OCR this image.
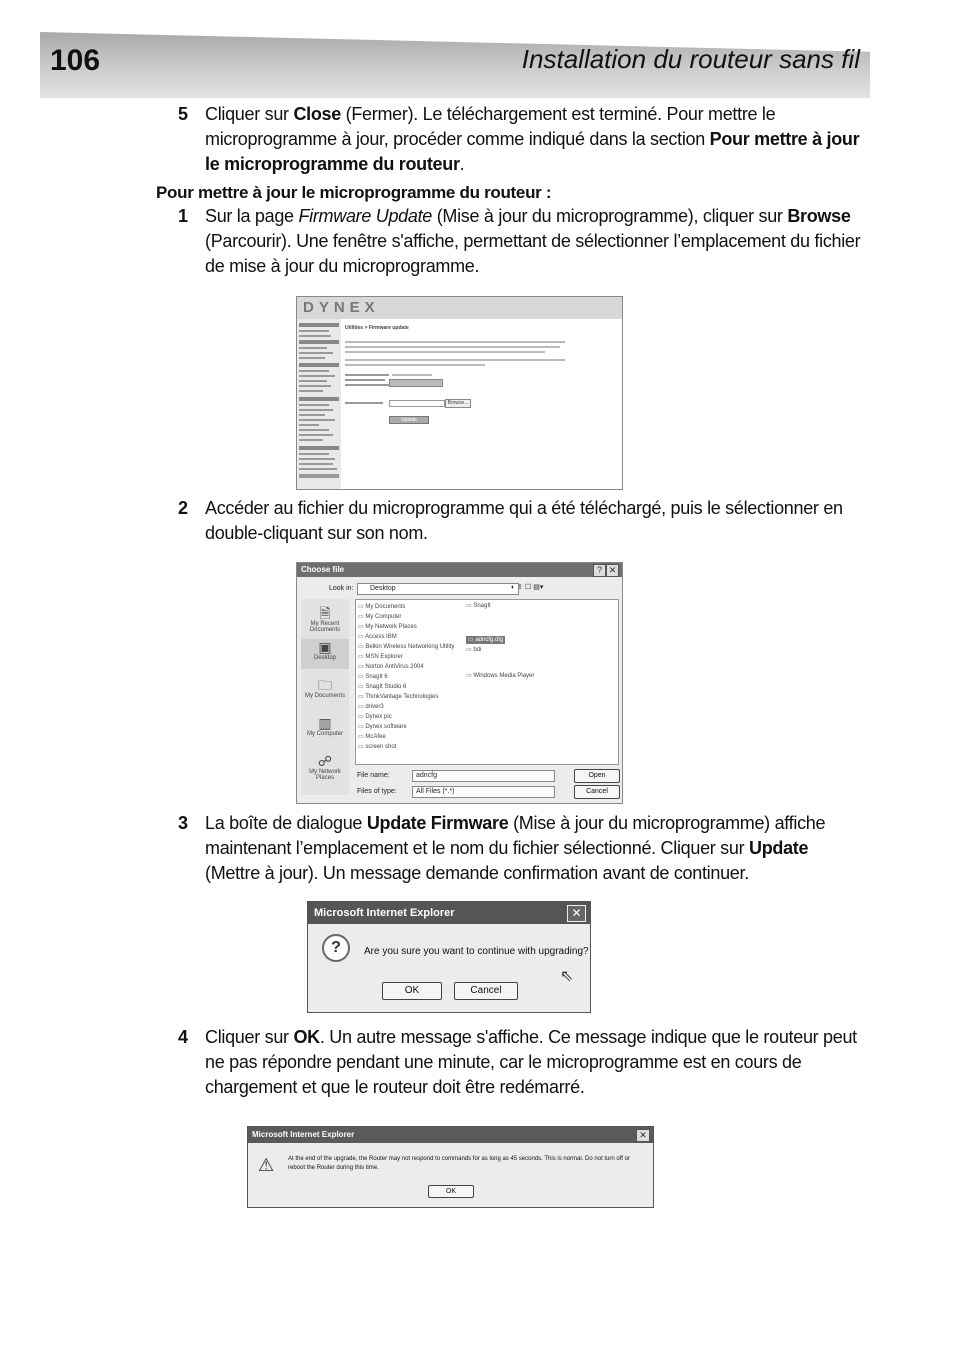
106	Installation du routeur sans fil
5 Cliquer sur Close (Fermer). Le téléchargement est terminé. Pour mettre le microprogramme à jour, procéder comme indiqué dans la section Pour mettre à jour le microprogramme du routeur.
Pour mettre à jour le microprogramme du routeur :
1 Sur la page Firmware Update (Mise à jour du microprogramme), cliquer sur Browse (Parcourir). Une fenêtre s'affiche, permettant de sélectionner l’emplacement du fichier de mise à jour du microprogramme.
2 Accéder au fichier du microprogramme qui a été téléchargé, puis le sélectionner en double-cliquant sur son nom.
3 La boîte de dialogue Update Firmware (Mise à jour du microprogramme) affiche maintenant l’emplacement et le nom du fichier sélectionné. Cliquer sur Update (Mettre à jour). Un message demande confirmation avant de continuer.
4 Cliquer sur OK. Un autre message s'affiche. Ce message indique que le routeur peut ne pas répondre pendant une minute, car le microprogramme est en cours de chargement et que le routeur doit être redémarré.
DYNEX
Utilities > Firmware update
Browse...
Update
Choose file	? ✕
Look in:	Desktop	◐ ⇧ ☐ ▤▾
🗎
My Recent Documents
▣
Desktop
🗀
My Documents
▥
My Computer
☍
My Network Places
▭ My Documents
▭ My Computer
▭ My Network Places
▭ Access IBM
▭ Belkin Wireless Networking Utility
▭ MSN Explorer
▭ Norton AntiVirus 2004
▭ SnagIt 6
▭ SnagIt Studio 6
▭ ThinkVantage Technologies
▭ driver3
▭ Dynex pic
▭ Dynex software
▭ McAfee
▭ screen shot
▭ SnagIt

▭ adncfg.dlg

▭ bdi

▭ Windows Media Player

File name:	adncfg
Files of type:	All Files (*.*)
Open
Cancel
Microsoft Internet Explorer	✕
?	Are you sure you want to continue with upgrading?
OK	Cancel
⇖
Microsoft Internet Explorer	✕
⚠ At the end of the upgrade, the Router may not respond to commands for as long as 45 seconds. This is normal. Do not turn off or reboot the Router during this time.
OK
